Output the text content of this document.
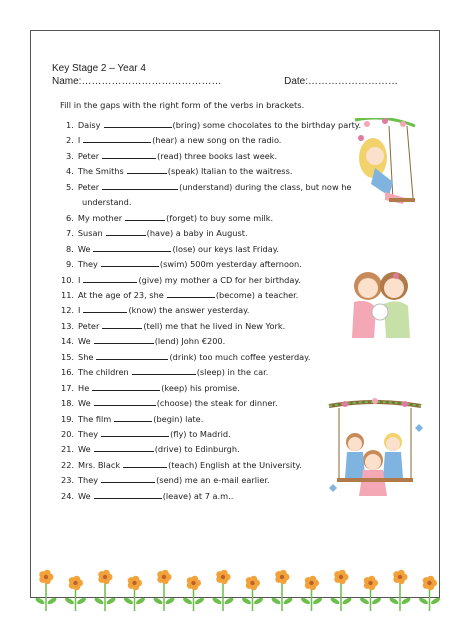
Key Stage 2 – Year 4
Name:……………………………………	Date:………………………
Fill in the gaps with the right form of the verbs in brackets.
1. Daisy	(bring) some chocolates to the birthday party.
2. I	(hear) a new song on the radio.
3. Peter	(read) three books last week.
4. The Smiths	(speak) Italian to the waitress.
5. Peter	(understand) during the class, but now he
understand.
6. My mother	(forget) to buy some milk.
7. Susan	(have) a baby in August.
8. We	(lose) our keys last Friday.
9. They	(swim) 500m yesterday afternoon.
10. I	(give) my mother a CD for her birthday.
11. At the age of 23, she	(become) a teacher.
12. I	(know) the answer yesterday.
13. Peter	(tell) me that he lived in New York.
14. We	(lend) John €200.
15. She	(drink) too much coffee yesterday.
16. The children	(sleep) in the car.
17. He	(keep) his promise.
18. We	(choose) the steak for dinner.
19. The film	(begin) late.
20. They	(fly) to Madrid.
21. We	(drive) to Edinburgh.
22. Mrs. Black	(teach) English at the University.
23. They	(send) me an e-mail earlier.
24. We	(leave) at 7 a.m..
